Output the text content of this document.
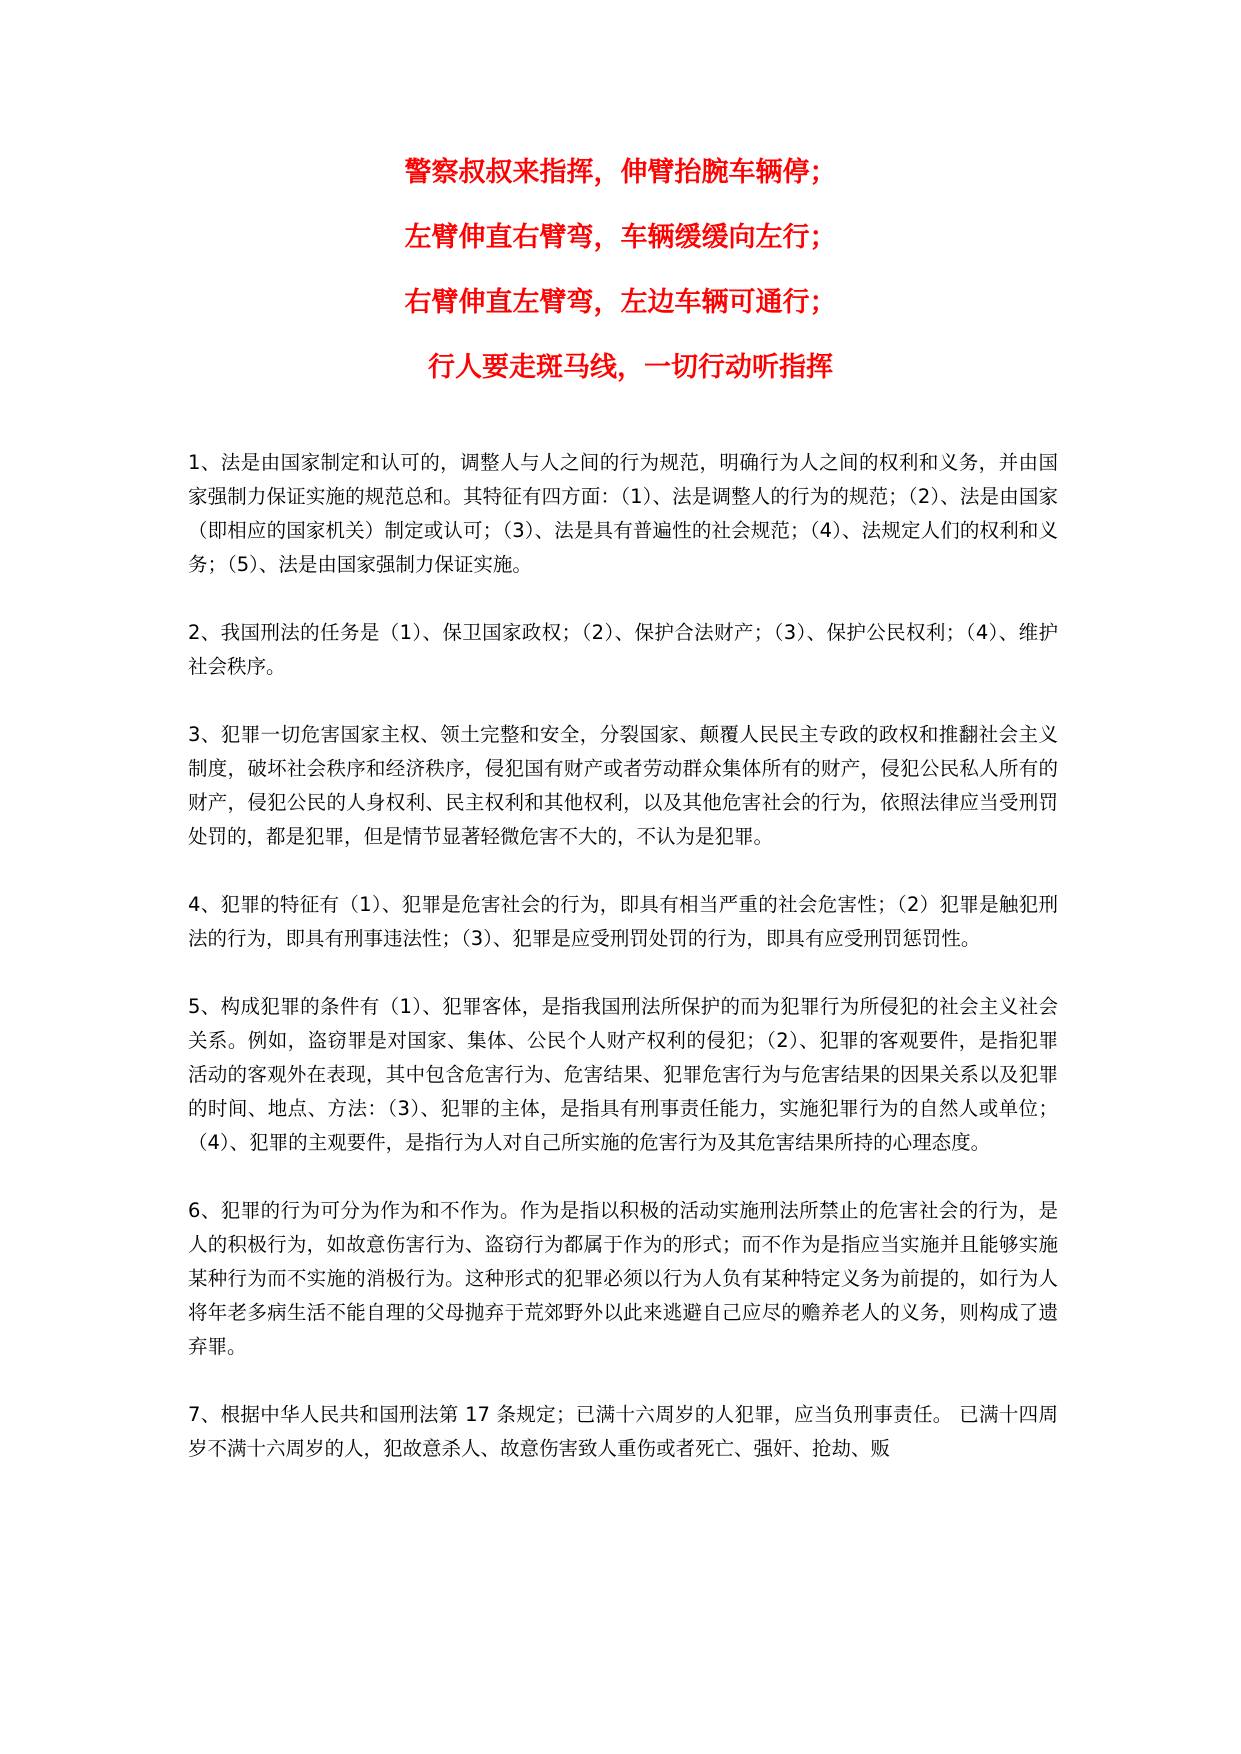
警察叔叔来指挥，伸臂抬腕车辆停；
左臂伸直右臂弯，车辆缓缓向左行；
右臂伸直左臂弯，左边车辆可通行；
行人要走斑马线，一切行动听指挥

1、法是由国家制定和认可的，调整人与人之间的行为规范，明确行为人之间的权利和义务，并由国家强制力保证实施的规范总和。其特征有四方面：（1）、法是调整人的行为的规范；（2）、法是由国家（即相应的国家机关）制定或认可；（3）、法是具有普遍性的社会规范；（4）、法规定人们的权利和义务；（5）、法是由国家强制力保证实施。

2、我国刑法的任务是（1）、保卫国家政权；（2）、保护合法财产；（3）、保护公民权利；（4）、维护社会秩序。

3、犯罪一切危害国家主权、领土完整和安全，分裂国家、颠覆人民民主专政的政权和推翻社会主义制度，破坏社会秩序和经济秩序，侵犯国有财产或者劳动群众集体所有的财产，侵犯公民私人所有的财产，侵犯公民的人身权利、民主权利和其他权利，以及其他危害社会的行为，依照法律应当受刑罚处罚的，都是犯罪，但是情节显著轻微危害不大的，不认为是犯罪。

4、犯罪的特征有（1）、犯罪是危害社会的行为，即具有相当严重的社会危害性；（2）犯罪是触犯刑法的行为，即具有刑事违法性；（3）、犯罪是应受刑罚处罚的行为，即具有应受刑罚惩罚性。

5、构成犯罪的条件有（1）、犯罪客体，是指我国刑法所保护的而为犯罪行为所侵犯的社会主义社会关系。例如，盗窃罪是对国家、集体、公民个人财产权利的侵犯；（2）、犯罪的客观要件，是指犯罪活动的客观外在表现，其中包含危害行为、危害结果、犯罪危害行为与危害结果的因果关系以及犯罪的时间、地点、方法：（3）、犯罪的主体，是指具有刑事责任能力，实施犯罪行为的自然人或单位；（4）、犯罪的主观要件，是指行为人对自己所实施的危害行为及其危害结果所持的心理态度。

6、犯罪的行为可分为作为和不作为。作为是指以积极的活动实施刑法所禁止的危害社会的行为，是人的积极行为，如故意伤害行为、盗窃行为都属于作为的形式；而不作为是指应当实施并且能够实施某种行为而不实施的消极行为。这种形式的犯罪必须以行为人负有某种特定义务为前提的，如行为人将年老多病生活不能自理的父母抛弃于荒郊野外以此来逃避自己应尽的赡养老人的义务，则构成了遗弃罪。

7、根据中华人民共和国刑法第 17 条规定；已满十六周岁的人犯罪，应当负刑事责任。 已满十四周岁不满十六周岁的人，犯故意杀人、故意伤害致人重伤或者死亡、强奸、抢劫、贩
